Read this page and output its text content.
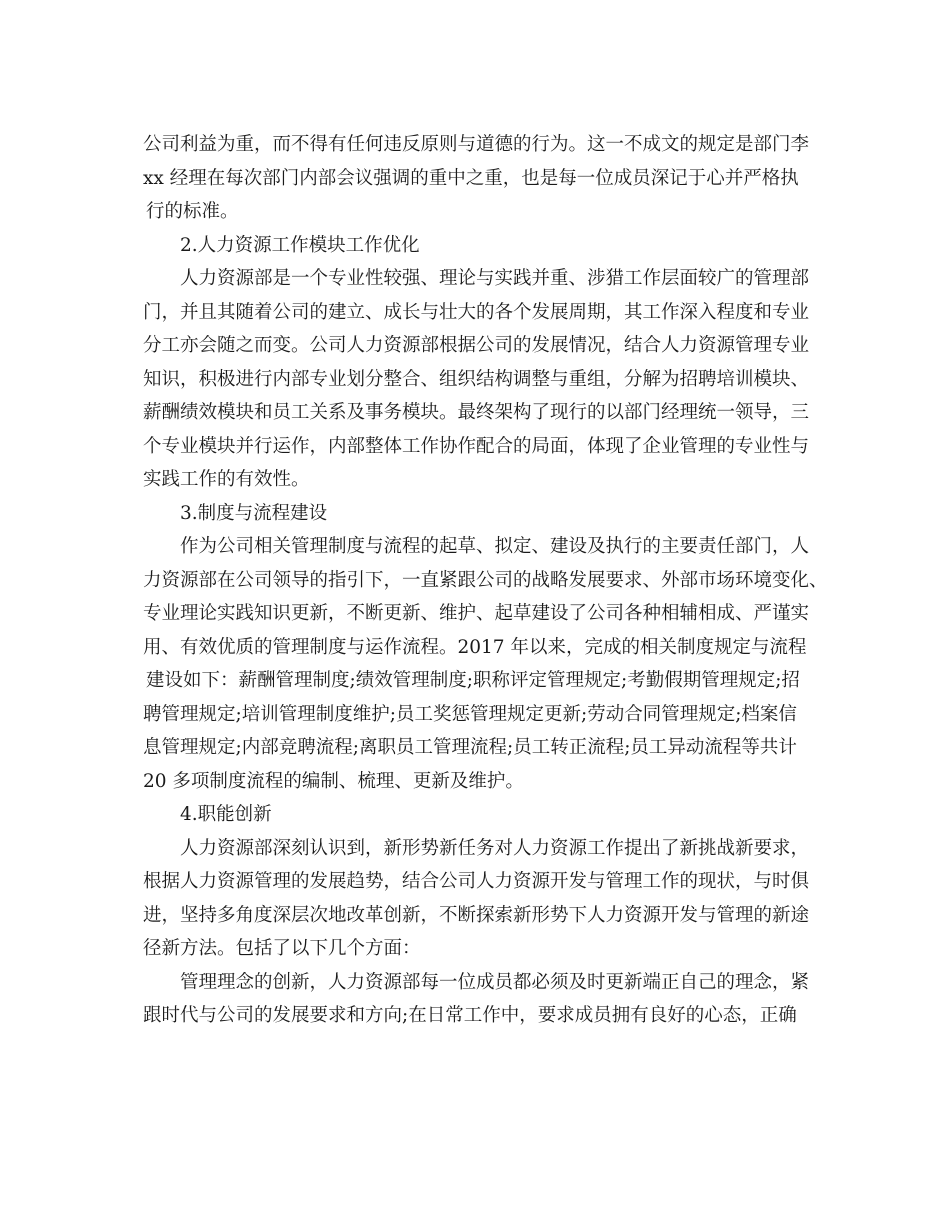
公司利益为重，而不得有任何违反原则与道德的行为。这一不成文的规定是部门李
xx 经理在每次部门内部会议强调的重中之重，也是每一位成员深记于心并严格执
行的标准。
2.人力资源工作模块工作优化
人力资源部是一个专业性较强、理论与实践并重、涉猎工作层面较广的管理部
门，并且其随着公司的建立、成长与壮大的各个发展周期，其工作深入程度和专业
分工亦会随之而变。公司人力资源部根据公司的发展情况，结合人力资源管理专业
知识，积极进行内部专业划分整合、组织结构调整与重组，分解为招聘培训模块、
薪酬绩效模块和员工关系及事务模块。最终架构了现行的以部门经理统一领导，三
个专业模块并行运作，内部整体工作协作配合的局面，体现了企业管理的专业性与
实践工作的有效性。
3.制度与流程建设
作为公司相关管理制度与流程的起草、拟定、建设及执行的主要责任部门，人
力资源部在公司领导的指引下，一直紧跟公司的战略发展要求、外部市场环境变化、
专业理论实践知识更新，不断更新、维护、起草建设了公司各种相辅相成、严谨实
用、有效优质的管理制度与运作流程。2017 年以来，完成的相关制度规定与流程
建设如下：薪酬管理制度;绩效管理制度;职称评定管理规定;考勤假期管理规定;招
聘管理规定;培训管理制度维护;员工奖惩管理规定更新;劳动合同管理规定;档案信
息管理规定;内部竞聘流程;离职员工管理流程;员工转正流程;员工异动流程等共计
20 多项制度流程的编制、梳理、更新及维护。
4.职能创新
人力资源部深刻认识到，新形势新任务对人力资源工作提出了新挑战新要求，
根据人力资源管理的发展趋势，结合公司人力资源开发与管理工作的现状，与时俱
进，坚持多角度深层次地改革创新，不断探索新形势下人力资源开发与管理的新途
径新方法。包括了以下几个方面：
管理理念的创新，人力资源部每一位成员都必须及时更新端正自己的理念，紧
跟时代与公司的发展要求和方向;在日常工作中，要求成员拥有良好的心态，正确
